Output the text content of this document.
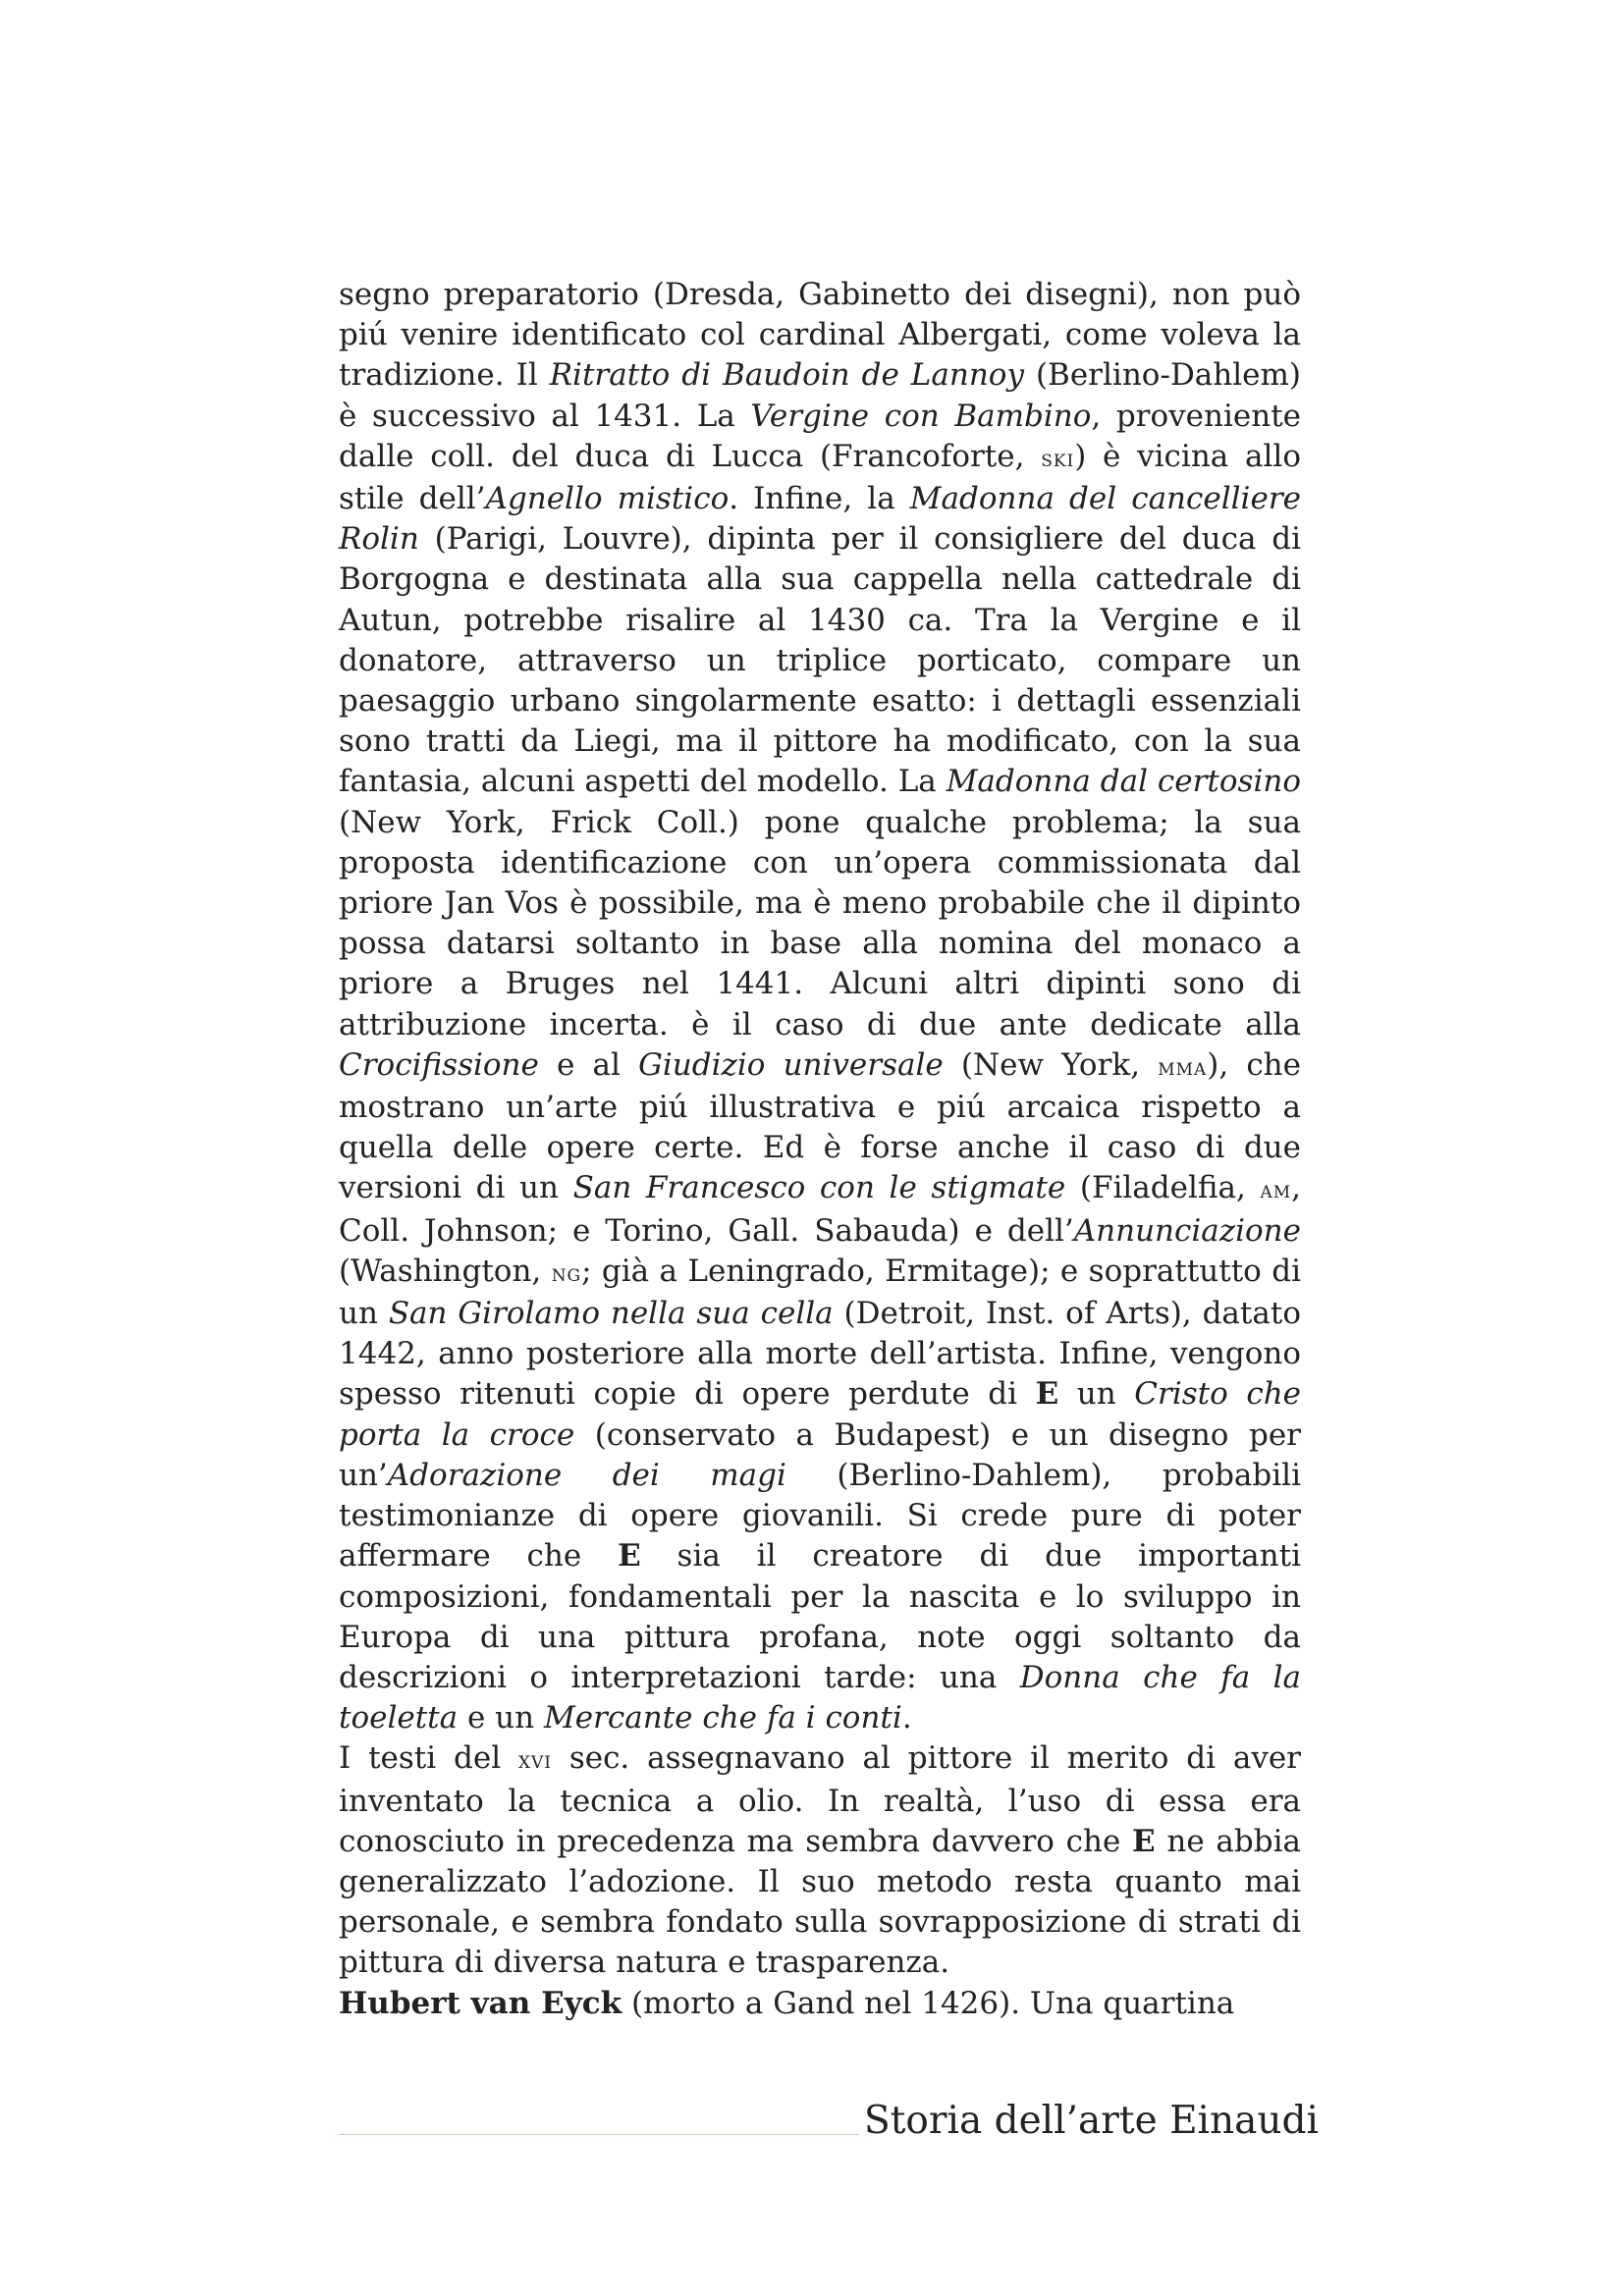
segno preparatorio (Dresda, Gabinetto dei disegni), non può piú venire identificato col cardinal Albergati, come voleva la tradizione. Il Ritratto di Baudoin de Lannoy (Berlino-Dahlem) è successivo al 1431. La Vergine con Bambino, proveniente dalle coll. del duca di Lucca (Francoforte, ski) è vicina allo stile dell’Agnello mistico. Infine, la Madonna del cancelliere Rolin (Parigi, Louvre), dipinta per il consigliere del duca di Borgogna e destinata alla sua cappella nella cattedrale di Autun, potrebbe risalire al 1430 ca. Tra la Vergine e il donatore, attraverso un triplice porticato, compare un paesaggio urbano singolarmente esatto: i dettagli essenziali sono tratti da Liegi, ma il pittore ha modificato, con la sua fantasia, alcuni aspetti del modello. La Madonna dal certosino (New York, Frick Coll.) pone qualche problema; la sua proposta identificazione con un’opera commissionata dal priore Jan Vos è possibile, ma è meno probabile che il dipinto possa datarsi soltanto in base alla nomina del monaco a priore a Bruges nel 1441. Alcuni altri dipinti sono di attribuzione incerta. è il caso di due ante dedicate alla Crocifissione e al Giudizio universale (New York, mma), che mostrano un’arte piú illustrativa e piú arcaica rispetto a quella delle opere certe. Ed è forse anche il caso di due versioni di un San Francesco con le stigmate (Filadelfia, am, Coll. Johnson; e Torino, Gall. Sabauda) e dell’Annunciazione (Washington, ng; già a Leningrado, Ermitage); e soprattutto di un San Girolamo nella sua cella (Detroit, Inst. of Arts), datato 1442, anno posteriore alla morte dell’artista. Infine, vengono spesso ritenuti copie di opere perdute di E un Cristo che porta la croce (conservato a Budapest) e un disegno per un’Adorazione dei magi (Berlino-Dahlem), probabili testimonianze di opere giovanili. Si crede pure di poter affermare che E sia il creatore di due importanti composizioni, fondamentali per la nascita e lo sviluppo in Europa di una pittura profana, note oggi soltanto da descrizioni o interpretazioni tarde: una Donna che fa la toeletta e un Mercante che fa i conti.

I testi del xvi sec. assegnavano al pittore il merito di aver inventato la tecnica a olio. In realtà, l’uso di essa era conosciuto in precedenza ma sembra davvero che E ne abbia generalizzato l’adozione. Il suo metodo resta quanto mai personale, e sembra fondato sulla sovrapposizione di strati di pittura di diversa natura e trasparenza.

Hubert van Eyck (morto a Gand nel 1426). Una quartina

Storia dell’arte Einaudi
